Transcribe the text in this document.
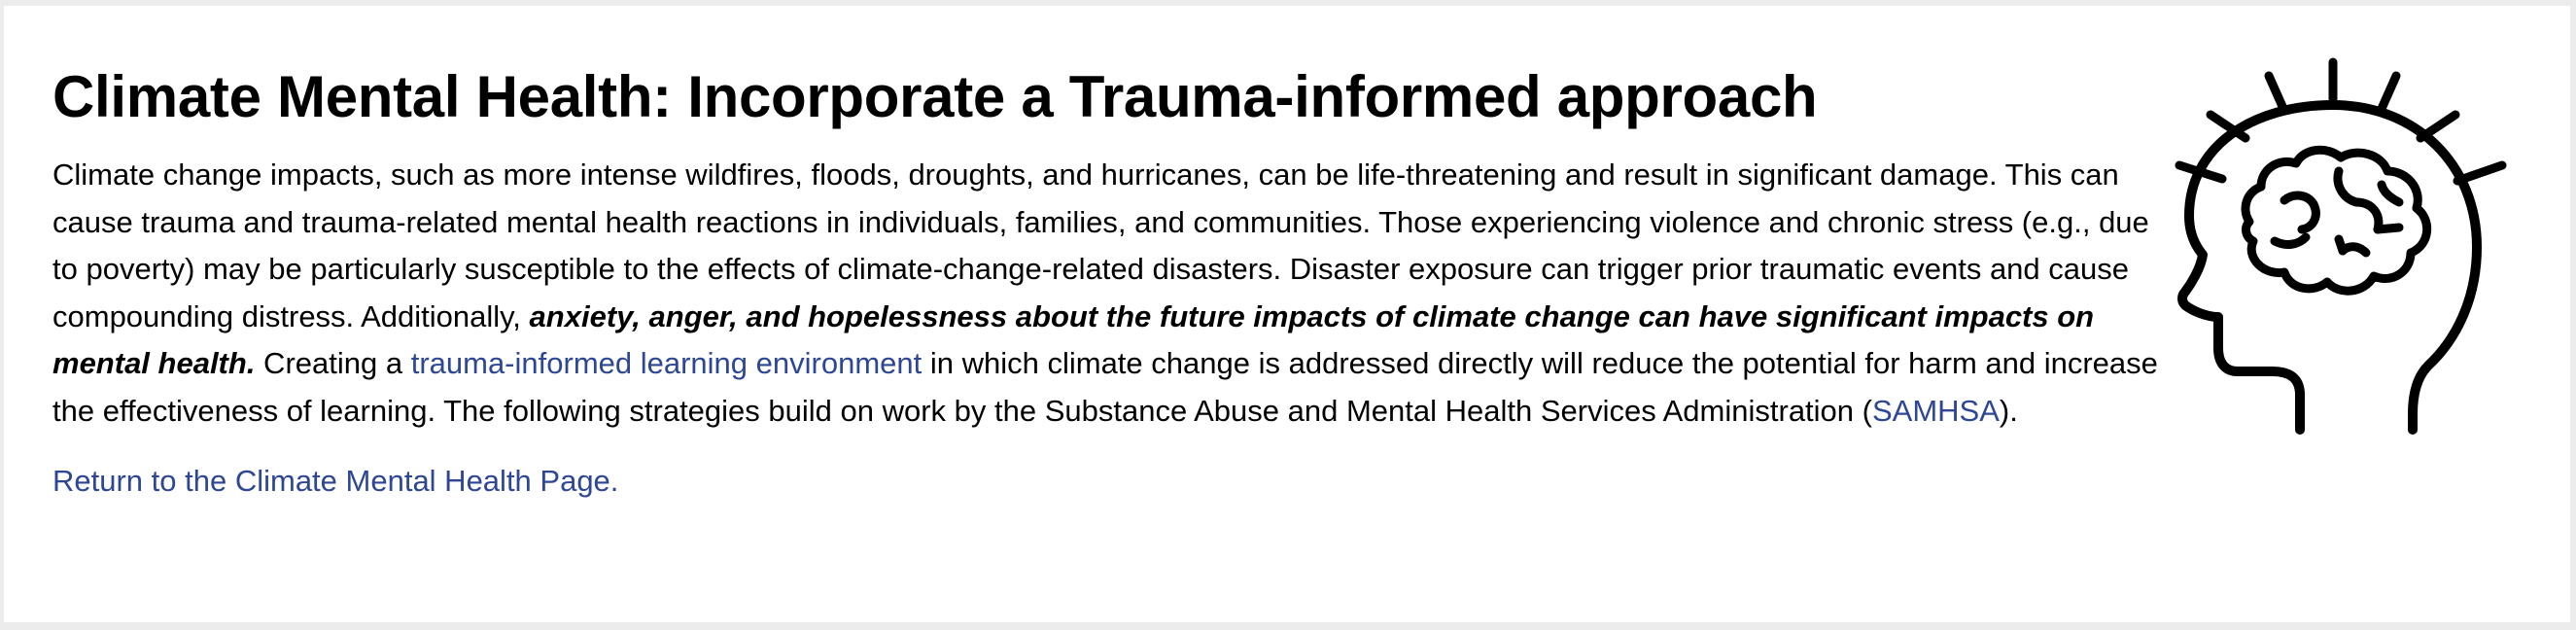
Climate Mental Health: Incorporate a Trauma-informed approach

Climate change impacts, such as more intense wildfires, floods, droughts, and hurricanes, can be life-threatening and result in significant damage. This can cause trauma and trauma-related mental health reactions in individuals, families, and communities. Those experiencing violence and chronic stress (e.g., due to poverty) may be particularly susceptible to the effects of climate-change-related disasters. Disaster exposure can trigger prior traumatic events and cause compounding distress. Additionally, anxiety, anger, and hopelessness about the future impacts of climate change can have significant impacts on mental health. Creating a trauma-informed learning environment in which climate change is addressed directly will reduce the potential for harm and increase the effectiveness of learning. The following strategies build on work by the Substance Abuse and Mental Health Services Administration (SAMHSA).

Return to the Climate Mental Health Page.
